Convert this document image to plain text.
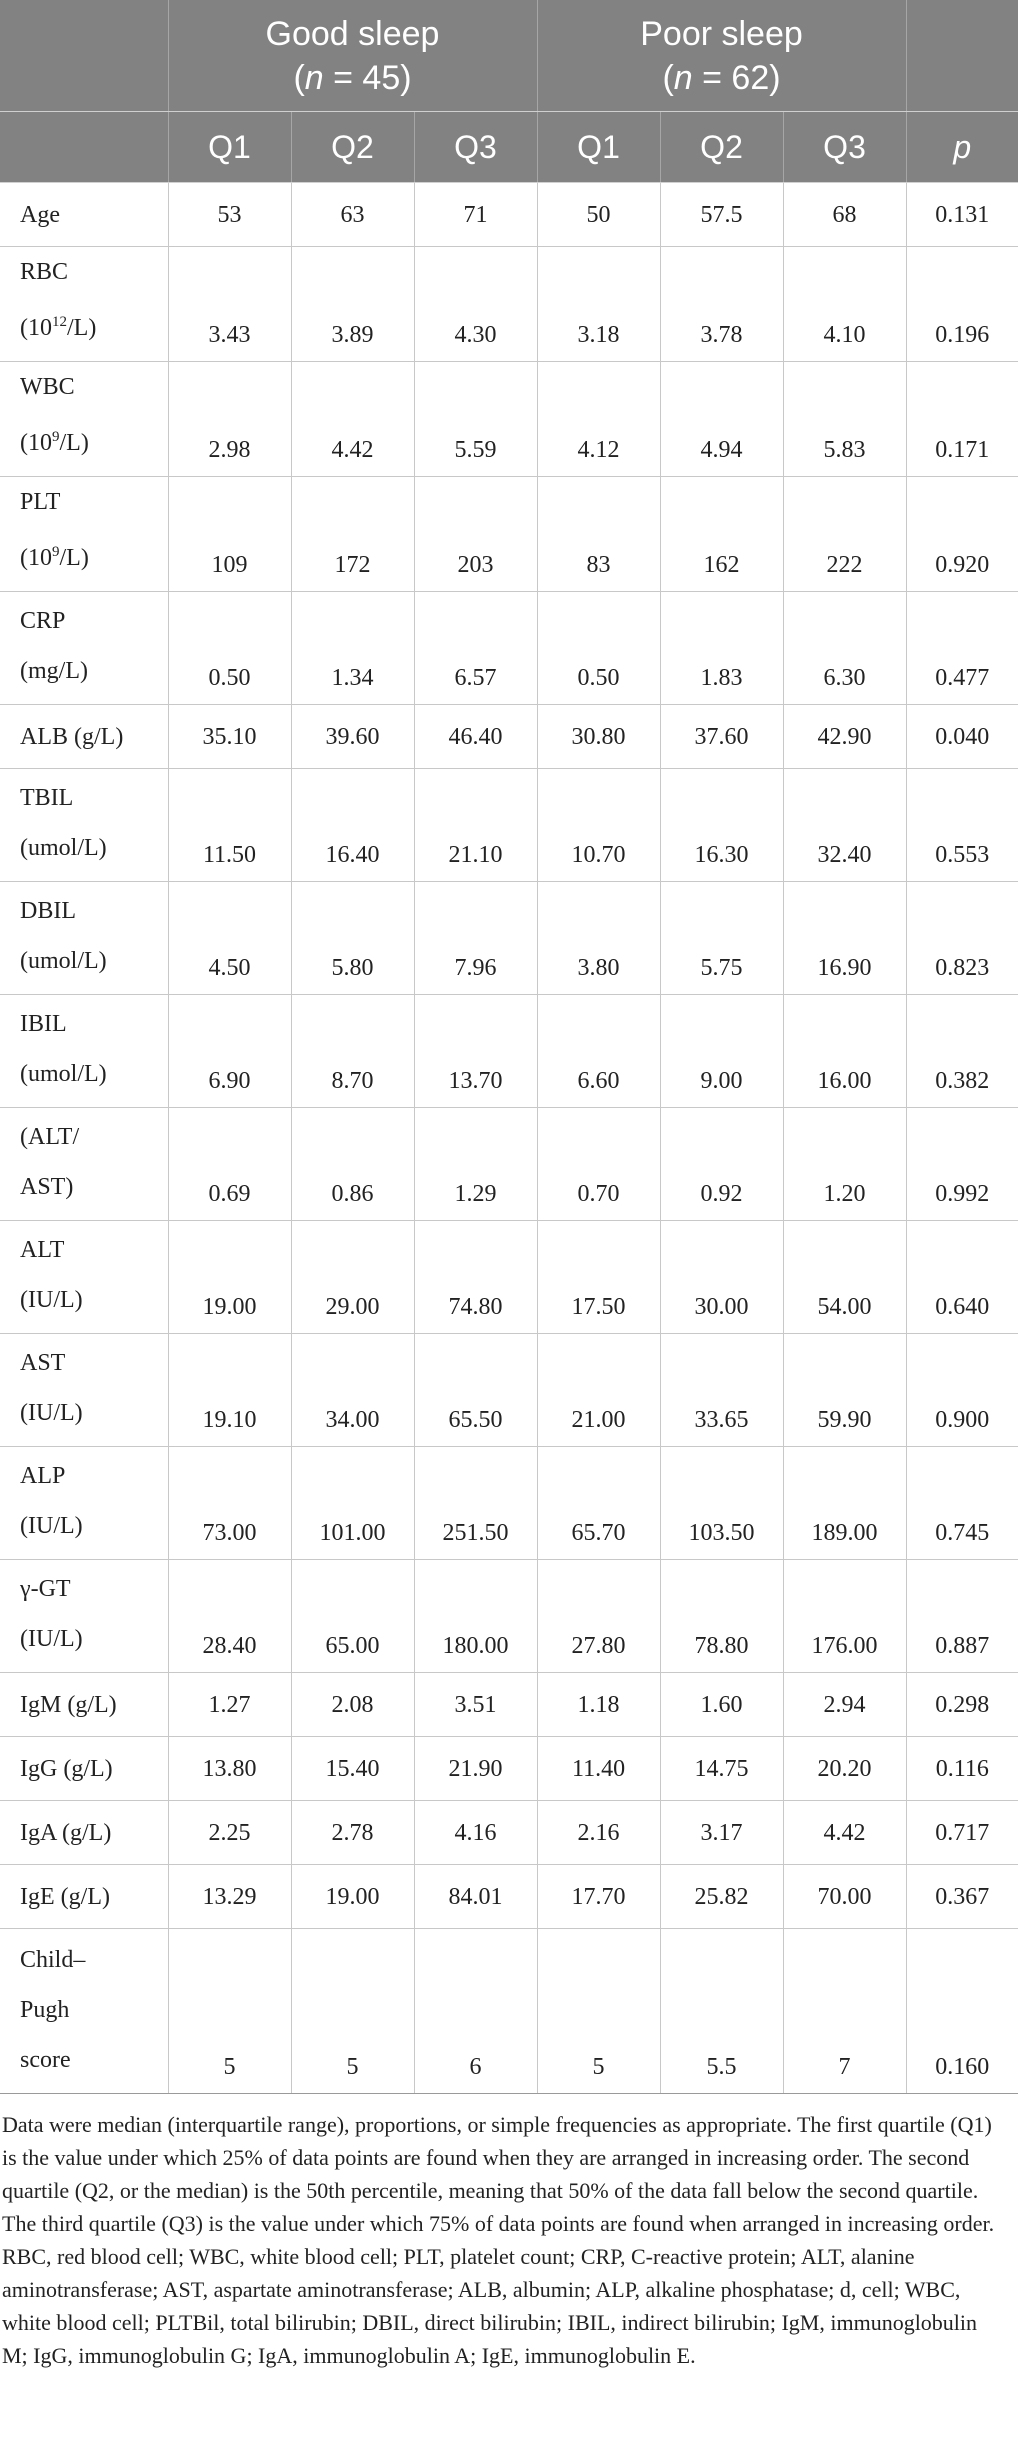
	Good sleep
(n = 45)			Poor sleep
(n = 62)			
	Q1	Q2	Q3	Q1	Q2	Q3	p

Age	53	63	71	50	57.5	68	0.131

RBC
$(10^{12}/L)$	3.43	3.89	4.30	3.18	3.78	4.10	0.196

WBC
$(10^9/L)$	2.98	4.42	5.59	4.12	4.94	5.83	0.171

PLT
$(10^9/L)$	109	172	203	83	162	222	0.920

CRP
(mg/L)	0.50	1.34	6.57	0.50	1.83	6.30	0.477

ALB (g/L)	35.10	39.60	46.40	30.80	37.60	42.90	0.040

TBIL
(umol/L)	11.50	16.40	21.10	10.70	16.30	32.40	0.553

DBIL
(umol/L)	4.50	5.80	7.96	3.80	5.75	16.90	0.823

IBIL
(umol/L)	6.90	8.70	13.70	6.60	9.00	16.00	0.382

(ALT/
AST)	0.69	0.86	1.29	0.70	0.92	1.20	0.992

ALT
(IU/L)	19.00	29.00	74.80	17.50	30.00	54.00	0.640

AST
(IU/L)	19.10	34.00	65.50	21.00	33.65	59.90	0.900

ALP
(IU/L)	73.00	101.00	251.50	65.70	103.50	189.00	0.745

γ-GT
(IU/L)	28.40	65.00	180.00	27.80	78.80	176.00	0.887

IgM (g/L)	1.27	2.08	3.51	1.18	1.60	2.94	0.298

IgG (g/L)	13.80	15.40	21.90	11.40	14.75	20.20	0.116

IgA (g/L)	2.25	2.78	4.16	2.16	3.17	4.42	0.717

IgE (g/L)	13.29	19.00	84.01	17.70	25.82	70.00	0.367

Child–
Pugh
score	5	5	6	5	5.5	7	0.160

Data were median (interquartile range), proportions, or simple frequencies as appropriate. The first quartile (Q1) is the value under which 25% of data points are found when they are arranged in increasing order. The second quartile (Q2, or the median) is the 50th percentile, meaning that 50% of the data fall below the second quartile. The third quartile (Q3) is the value under which 75% of data points are found when arranged in increasing order. RBC, red blood cell; WBC, white blood cell; PLT, platelet count; CRP, C-reactive protein; ALT, alanine aminotransferase; AST, aspartate aminotransferase; ALB, albumin; ALP, alkaline phosphatase; d, cell; WBC, white blood cell; PLTBil, total bilirubin; DBIL, direct bilirubin; IBIL, indirect bilirubin; IgM, immunoglobulin M; IgG, immunoglobulin G; IgA, immunoglobulin A; IgE, immunoglobulin E.
